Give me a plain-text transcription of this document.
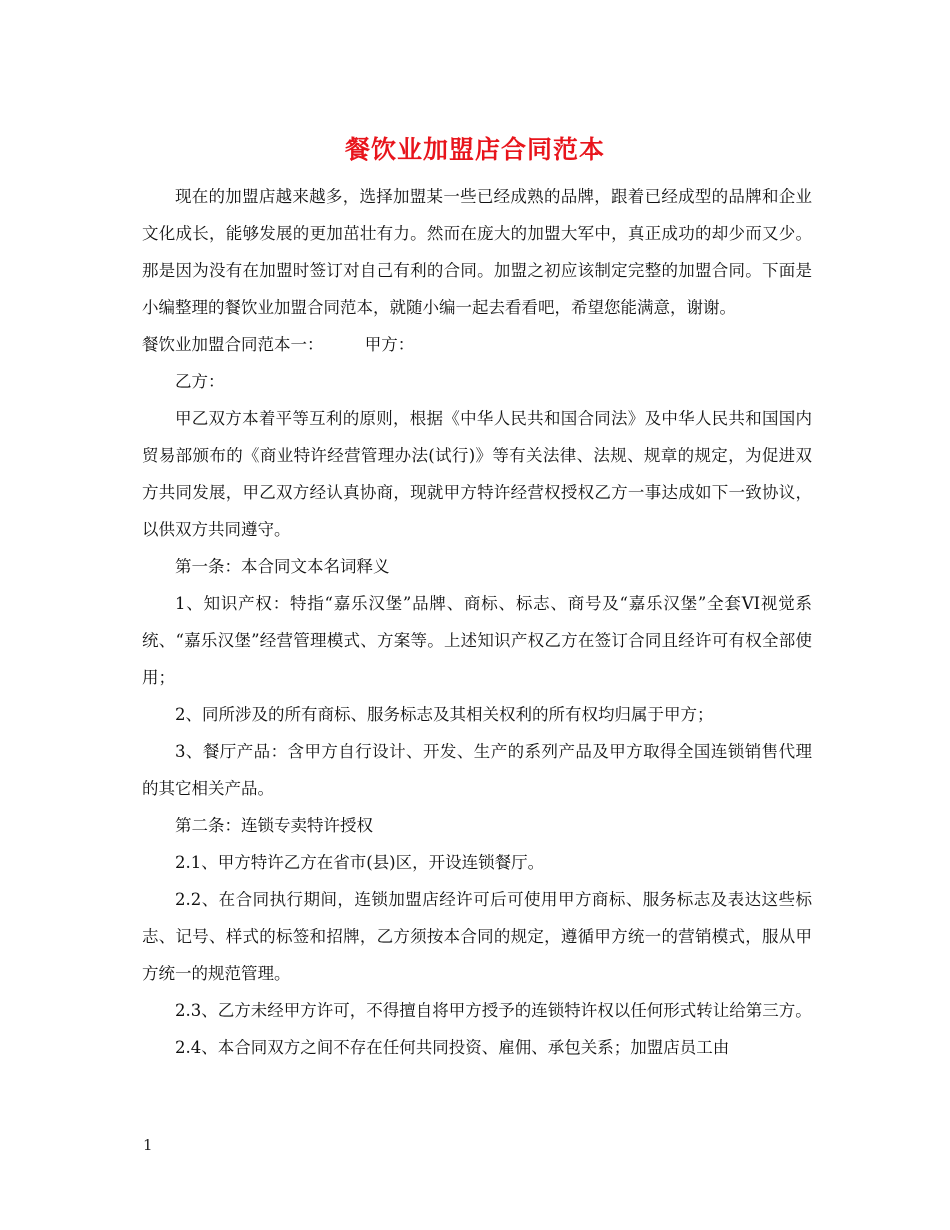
餐饮业加盟店合同范本

现在的加盟店越来越多，选择加盟某一些已经成熟的品牌，跟着已经成型的品牌和企业文化成长，能够发展的更加茁壮有力。然而在庞大的加盟大军中，真正成功的却少而又少。那是因为没有在加盟时签订对自己有利的合同。加盟之初应该制定完整的加盟合同。下面是小编整理的餐饮业加盟合同范本，就随小编一起去看看吧，希望您能满意，谢谢。

餐饮业加盟合同范本一：　　　甲方：

乙方：

甲乙双方本着平等互利的原则，根据《中华人民共和国合同法》及中华人民共和国国内贸易部颁布的《商业特许经营管理办法(试行)》等有关法律、法规、规章的规定，为促进双方共同发展，甲乙双方经认真协商，现就甲方特许经营权授权乙方一事达成如下一致协议，以供双方共同遵守。

第一条：本合同文本名词释义

1、知识产权：特指“嘉乐汉堡”品牌、商标、标志、商号及“嘉乐汉堡”全套VI视觉系统、“嘉乐汉堡”经营管理模式、方案等。上述知识产权乙方在签订合同且经许可有权全部使用；

2、同所涉及的所有商标、服务标志及其相关权利的所有权均归属于甲方；

3、餐厅产品：含甲方自行设计、开发、生产的系列产品及甲方取得全国连锁销售代理的其它相关产品。

第二条：连锁专卖特许授权

2.1、甲方特许乙方在省市(县)区，开设连锁餐厅。

2.2、在合同执行期间，连锁加盟店经许可后可使用甲方商标、服务标志及表达这些标志、记号、样式的标签和招牌，乙方须按本合同的规定，遵循甲方统一的营销模式，服从甲方统一的规范管理。

2.3、乙方未经甲方许可，不得擅自将甲方授予的连锁特许权以任何形式转让给第三方。

2.4、本合同双方之间不存在任何共同投资、雇佣、承包关系；加盟店员工由

1
